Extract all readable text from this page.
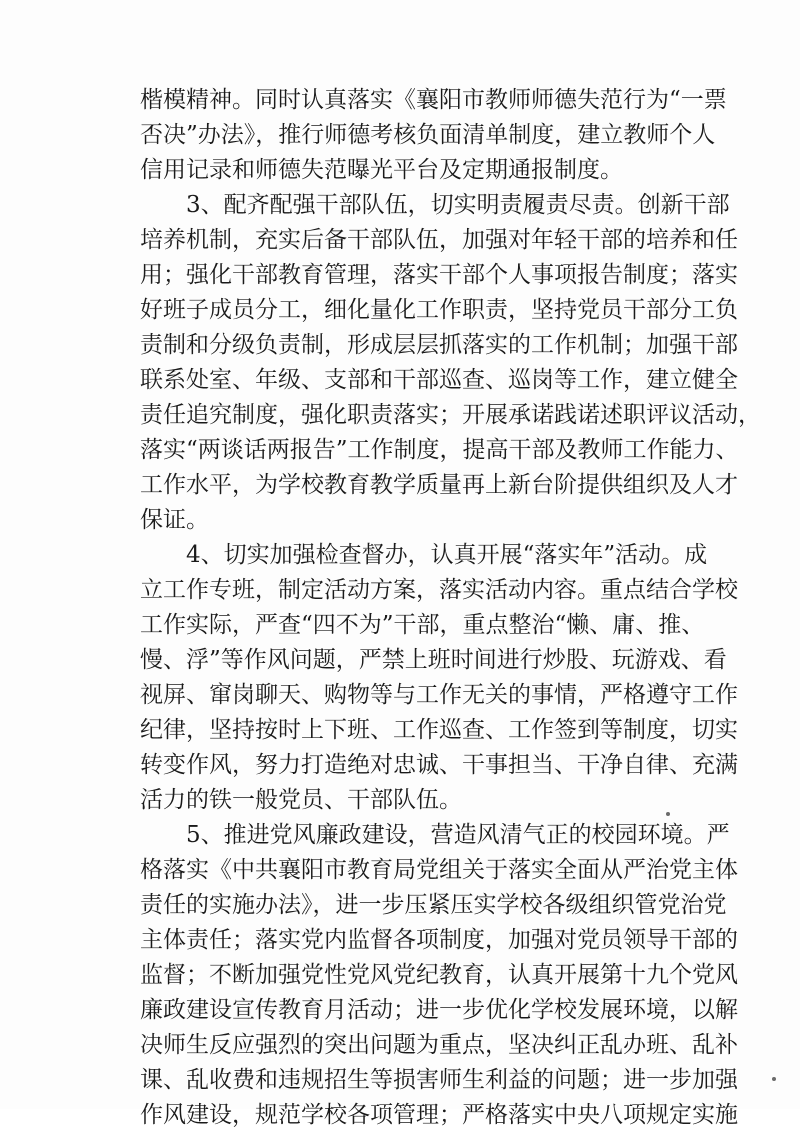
楷模精神。同时认真落实《襄阳市教师师德失范行为“一票
否决”办法》，推行师德考核负面清单制度，建立教师个人
信用记录和师德失范曝光平台及定期通报制度。
3、配齐配强干部队伍，切实明责履责尽责。创新干部
培养机制，充实后备干部队伍，加强对年轻干部的培养和任
用；强化干部教育管理，落实干部个人事项报告制度；落实
好班子成员分工，细化量化工作职责，坚持党员干部分工负
责制和分级负责制，形成层层抓落实的工作机制；加强干部
联系处室、年级、支部和干部巡查、巡岗等工作，建立健全
责任追究制度，强化职责落实；开展承诺践诺述职评议活动，
落实“两谈话两报告”工作制度，提高干部及教师工作能力、
工作水平，为学校教育教学质量再上新台阶提供组织及人才
保证。
4、切实加强检查督办，认真开展“落实年”活动。成
立工作专班，制定活动方案，落实活动内容。重点结合学校
工作实际，严查“四不为”干部，重点整治“懒、庸、推、
慢、浮”等作风问题，严禁上班时间进行炒股、玩游戏、看
视屏、窜岗聊天、购物等与工作无关的事情，严格遵守工作
纪律，坚持按时上下班、工作巡查、工作签到等制度，切实
转变作风，努力打造绝对忠诚、干事担当、干净自律、充满
活力的铁一般党员、干部队伍。
5、推进党风廉政建设，营造风清气正的校园环境。严
格落实《中共襄阳市教育局党组关于落实全面从严治党主体
责任的实施办法》，进一步压紧压实学校各级组织管党治党
主体责任；落实党内监督各项制度，加强对党员领导干部的
监督；不断加强党性党风党纪教育，认真开展第十九个党风
廉政建设宣传教育月活动；进一步优化学校发展环境，以解
决师生反应强烈的突出问题为重点，坚决纠正乱办班、乱补
课、乱收费和违规招生等损害师生利益的问题；进一步加强
作风建设，规范学校各项管理；严格落实中央八项规定实施
